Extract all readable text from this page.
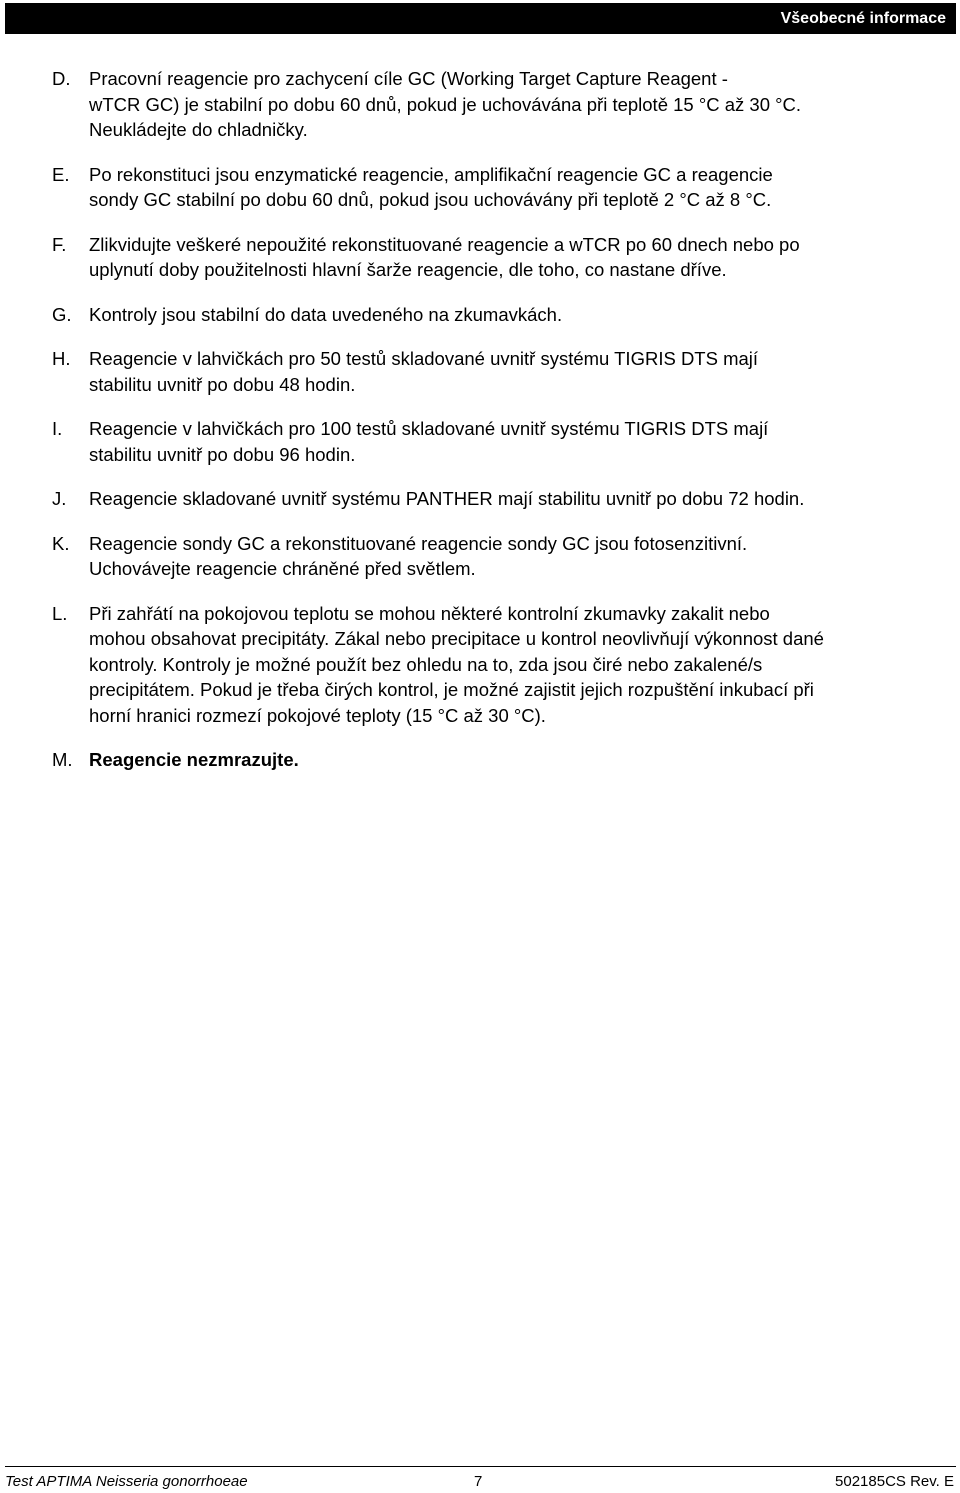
Všeobecné informace
D.	Pracovní reagencie pro zachycení cíle GC (Working Target Capture Reagent -
wTCR GC) je stabilní po dobu 60 dnů, pokud je uchovávána při teplotě 15 °C až 30 °C.
Neukládejte do chladničky.
E.	Po rekonstituci jsou enzymatické reagencie, amplifikační reagencie GC a reagencie
sondy GC stabilní po dobu 60 dnů, pokud jsou uchovávány při teplotě 2 °C až 8 °C.
F.	Zlikvidujte veškeré nepoužité rekonstituované reagencie a wTCR po 60 dnech nebo po
uplynutí doby použitelnosti hlavní šarže reagencie, dle toho, co nastane dříve.
G. Kontroly jsou stabilní do data uvedeného na zkumavkách.
H.	Reagencie v lahvičkách pro 50 testů skladované uvnitř systému TIGRIS DTS mají
stabilitu uvnitř po dobu 48 hodin.
I.	Reagencie v lahvičkách pro 100 testů skladované uvnitř systému TIGRIS DTS mají
stabilitu uvnitř po dobu 96 hodin.
J.	Reagencie skladované uvnitř systému PANTHER mají stabilitu uvnitř po dobu 72 hodin.
K.	Reagencie sondy GC a rekonstituované reagencie sondy GC jsou fotosenzitivní.
Uchovávejte reagencie chráněné před světlem.
L.	Při zahřátí na pokojovou teplotu se mohou některé kontrolní zkumavky zakalit nebo
mohou obsahovat precipitáty. Zákal nebo precipitace u kontrol neovlivňují výkonnost dané
kontroly. Kontroly je možné použít bez ohledu na to, zda jsou čiré nebo zakalené/s
precipitátem. Pokud je třeba čirých kontrol, je možné zajistit jejich rozpuštění inkubací při
horní hranici rozmezí pokojové teploty (15 °C až 30 °C).
M. Reagencie nezmrazujte.
Test APTIMA Neisseria gonorrhoeae	7	502185CS Rev. E
